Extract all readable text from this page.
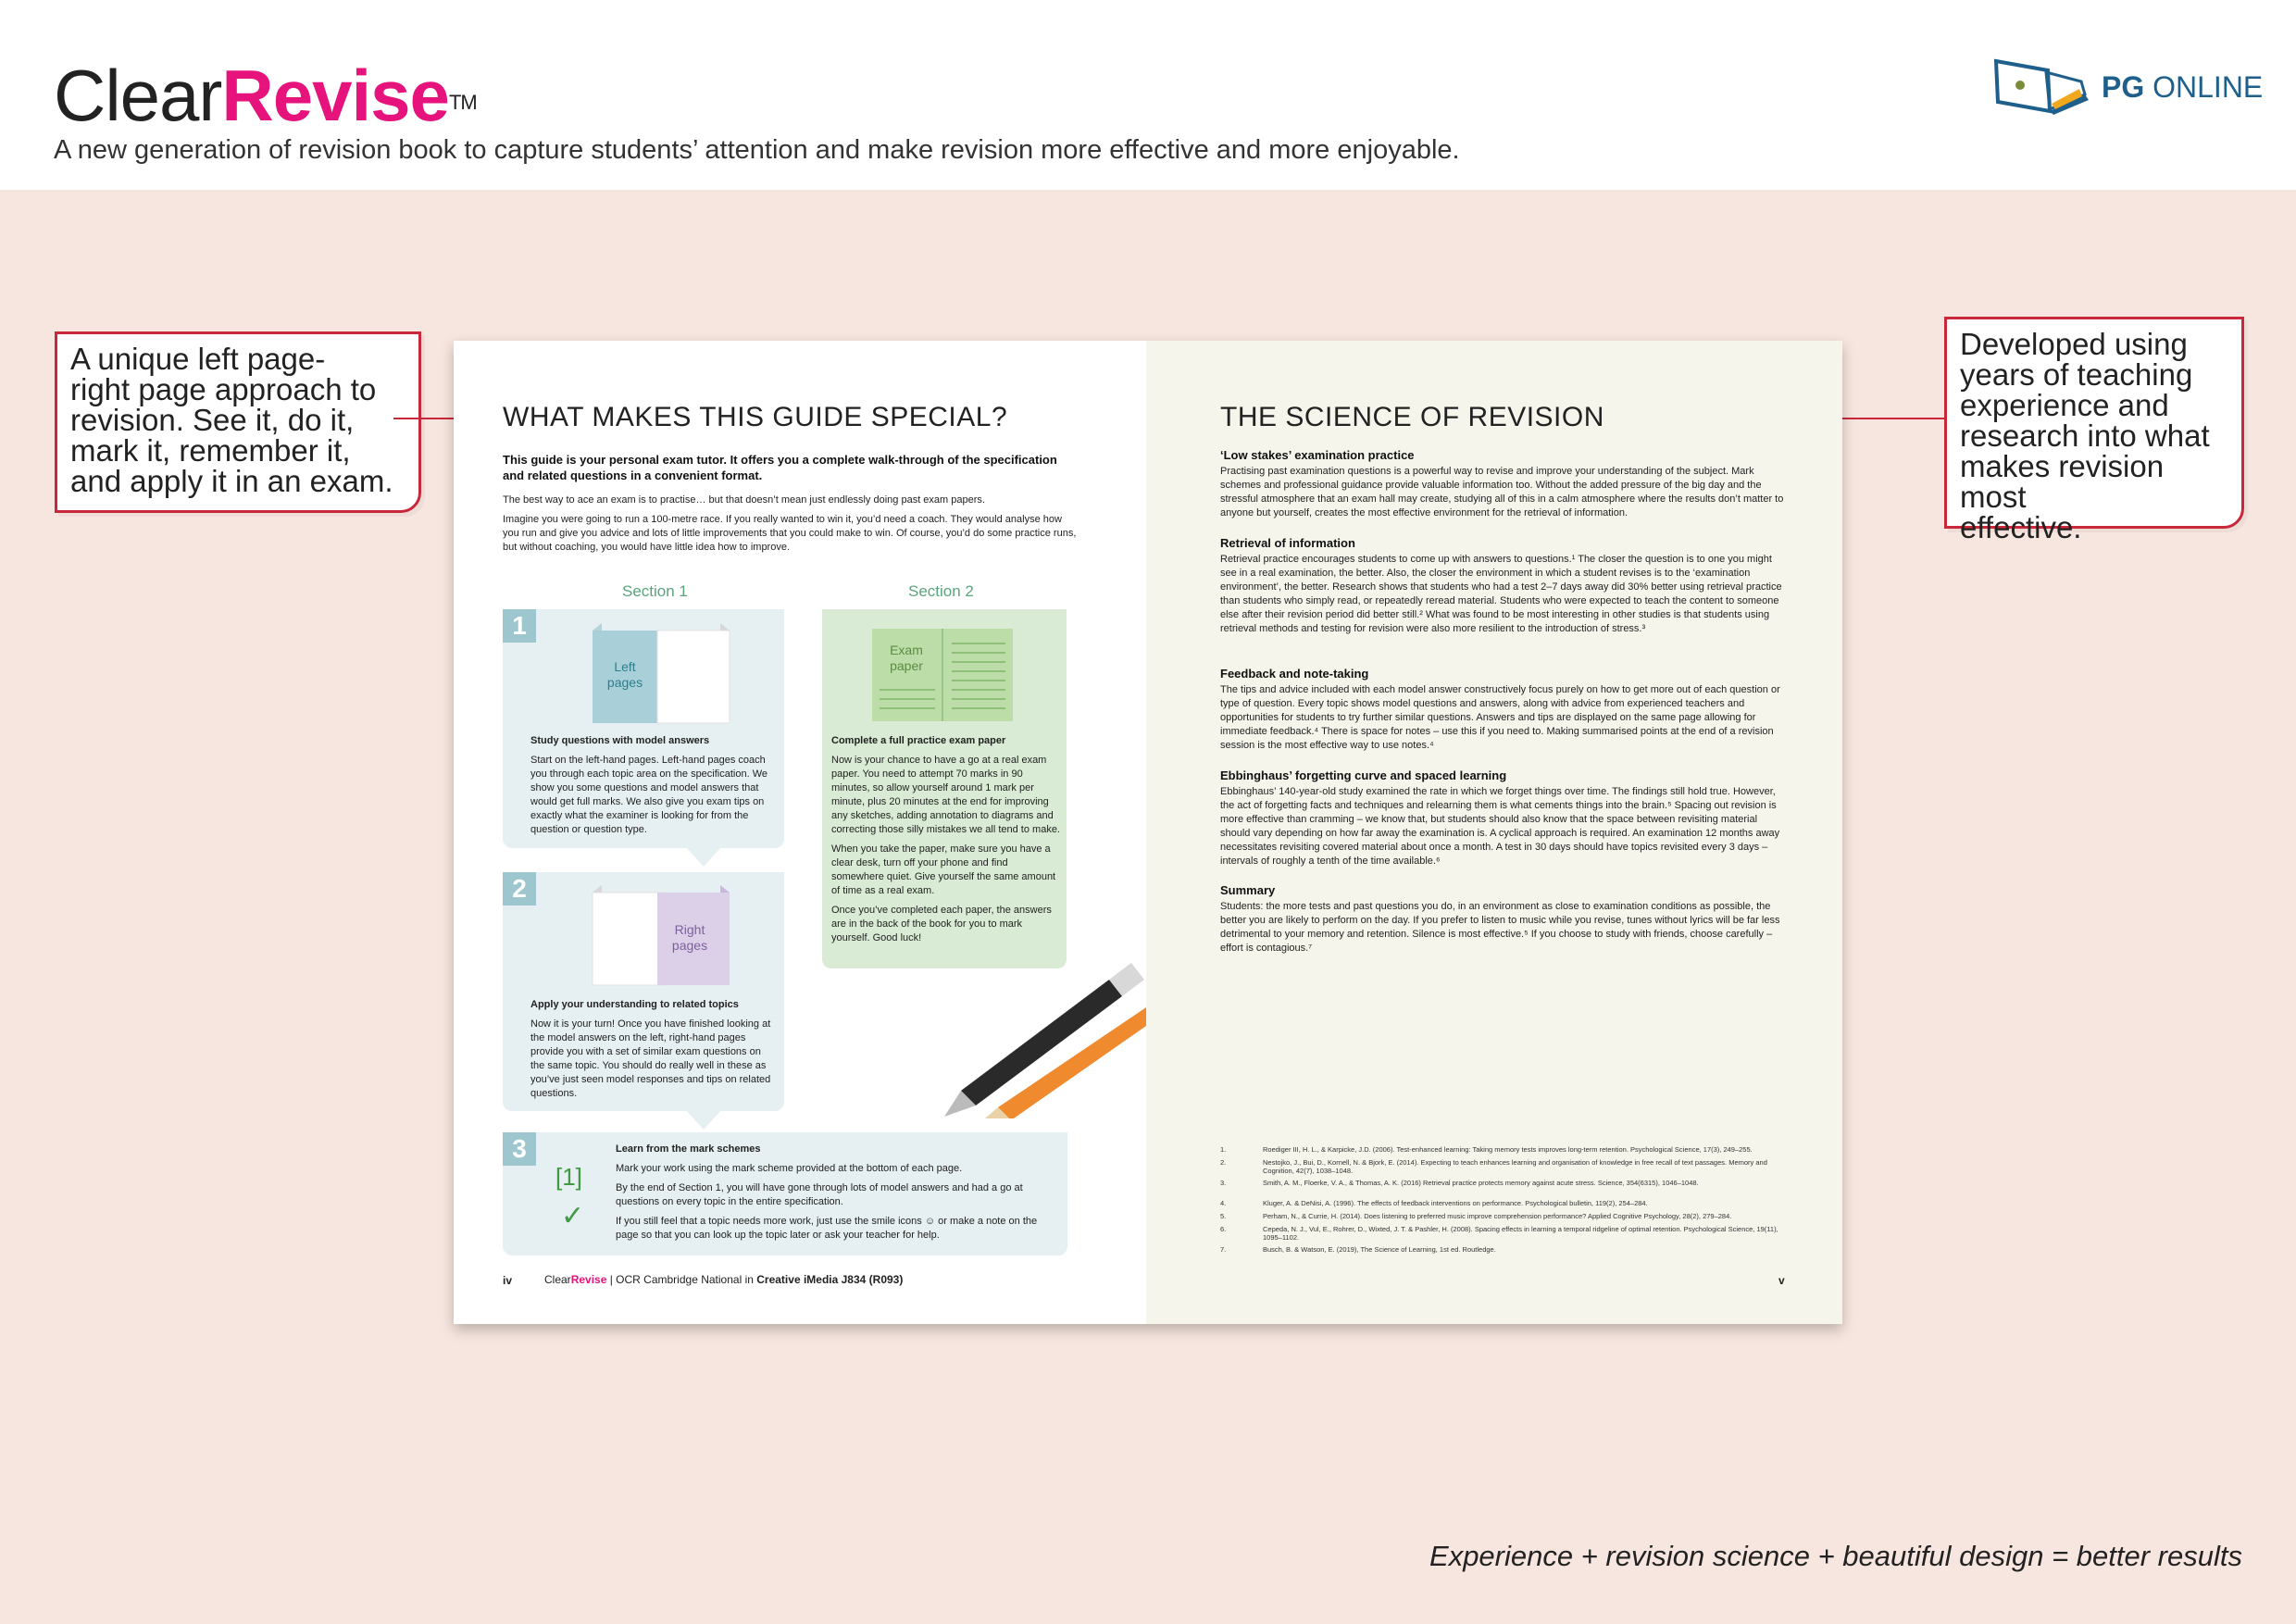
ClearRevise™
A new generation of revision book to capture students’ attention and make revision more effective and more enjoyable.
PG ONLINE
A unique left page-
right page approach to
revision. See it, do it,
mark it, remember it,
and apply it in an exam.
Developed using
years of teaching
experience and
research into what
makes revision most
effective.
WHAT MAKES THIS GUIDE SPECIAL?
This guide is your personal exam tutor. It offers you a complete walk-through of the specification and related questions in a convenient format.
The best way to ace an exam is to practise… but that doesn’t mean just endlessly doing past exam papers.
Imagine you were going to run a 100-metre race. If you really wanted to win it, you’d need a coach. They would analyse how you run and give you advice and lots of little improvements that you could make to win. Of course, you’d do some practice runs, but without coaching, you would have little idea how to improve.
Section 1	Section 2
1
Left
pages
Study questions with model answers
Start on the left-hand pages. Left-hand pages coach you through each topic area on the specification. We show you some questions and model answers that would get full marks. We also give you exam tips on exactly what the examiner is looking for from the question or question type.
Exam
paper
Complete a full practice exam paper
Now is your chance to have a go at a real exam paper. You need to attempt 70 marks in 90 minutes, so allow yourself around 1 mark per minute, plus 20 minutes at the end for improving any sketches, adding annotation to diagrams and correcting those silly mistakes we all tend to make.
When you take the paper, make sure you have a clear desk, turn off your phone and find somewhere quiet. Give yourself the same amount of time as a real exam.
Once you’ve completed each paper, the answers are in the back of the book for you to mark yourself. Good luck!
2
Right
pages
Apply your understanding to related topics
Now it is your turn! Once you have finished looking at the model answers on the left, right-hand pages provide you with a set of similar exam questions on the same topic. You should do really well in these as you’ve just seen model responses and tips on related questions.
3
[1]
✓
Learn from the mark schemes
Mark your work using the mark scheme provided at the bottom of each page.
By the end of Section 1, you will have gone through lots of model answers and had a go at questions on every topic in the entire specification.
If you still feel that a topic needs more work, just use the smile icons ☺ or make a note on the page so that you can look up the topic later or ask your teacher for help.
iv	ClearRevise | OCR Cambridge National in Creative iMedia J834 (R093)
THE SCIENCE OF REVISION
‘Low stakes’ examination practice
Practising past examination questions is a powerful way to revise and improve your understanding of the subject. Mark schemes and professional guidance provide valuable information too. Without the added pressure of the big day and the stressful atmosphere that an exam hall may create, studying all of this in a calm atmosphere where the results don’t matter to anyone but yourself, creates the most effective environment for the retrieval of information.
Retrieval of information
Retrieval practice encourages students to come up with answers to questions.¹ The closer the question is to one you might see in a real examination, the better. Also, the closer the environment in which a student revises is to the ‘examination environment’, the better. Research shows that students who had a test 2–7 days away did 30% better using retrieval practice than students who simply read, or repeatedly reread material. Students who were expected to teach the content to someone else after their revision period did better still.² What was found to be most interesting in other studies is that students using retrieval methods and testing for revision were also more resilient to the introduction of stress.³
Feedback and note-taking
The tips and advice included with each model answer constructively focus purely on how to get more out of each question or type of question. Every topic shows model questions and answers, along with advice from experienced teachers and opportunities for students to try further similar questions. Answers and tips are displayed on the same page allowing for immediate feedback.⁴ There is space for notes – use this if you need to. Making summarised points at the end of a revision session is the most effective way to use notes.⁴
Ebbinghaus’ forgetting curve and spaced learning
Ebbinghaus’ 140-year-old study examined the rate in which we forget things over time. The findings still hold true. However, the act of forgetting facts and techniques and relearning them is what cements things into the brain.⁵ Spacing out revision is more effective than cramming – we know that, but students should also know that the space between revisiting material should vary depending on how far away the examination is. A cyclical approach is required. An examination 12 months away necessitates revisiting covered material about once a month. A test in 30 days should have topics revisited every 3 days – intervals of roughly a tenth of the time available.⁶
Summary
Students: the more tests and past questions you do, in an environment as close to examination conditions as possible, the better you are likely to perform on the day. If you prefer to listen to music while you revise, tunes without lyrics will be far less detrimental to your memory and retention. Silence is most effective.⁵ If you choose to study with friends, choose carefully – effort is contagious.⁷
1.	Roediger III, H. L., & Karpicke, J.D. (2006). Test-enhanced learning: Taking memory tests improves long-term retention. Psychological Science, 17(3), 249–255.
2.	Nestojko, J., Bui, D., Kornell, N. & Bjork, E. (2014). Expecting to teach enhances learning and organisation of knowledge in free recall of text passages. Memory and Cognition, 42(7), 1038–1048.
3.	Smith, A. M., Floerke, V. A., & Thomas, A. K. (2016) Retrieval practice protects memory against acute stress. Science, 354(6315), 1046–1048.
4.	Kluger, A. & DeNisi, A. (1996). The effects of feedback interventions on performance. Psychological bulletin, 119(2), 254–284.
5.	Perham, N., & Currie, H. (2014). Does listening to preferred music improve comprehension performance? Applied Cognitive Psychology, 28(2), 279–284.
6.	Cepeda, N. J., Vul, E., Rohrer, D., Wixted, J. T. & Pashler, H. (2008). Spacing effects in learning a temporal ridgeline of optimal retention. Psychological Science, 19(11), 1095–1102.
7.	Busch, B. & Watson, E. (2019), The Science of Learning, 1st ed. Routledge.
v
Experience + revision science + beautiful design = better results
